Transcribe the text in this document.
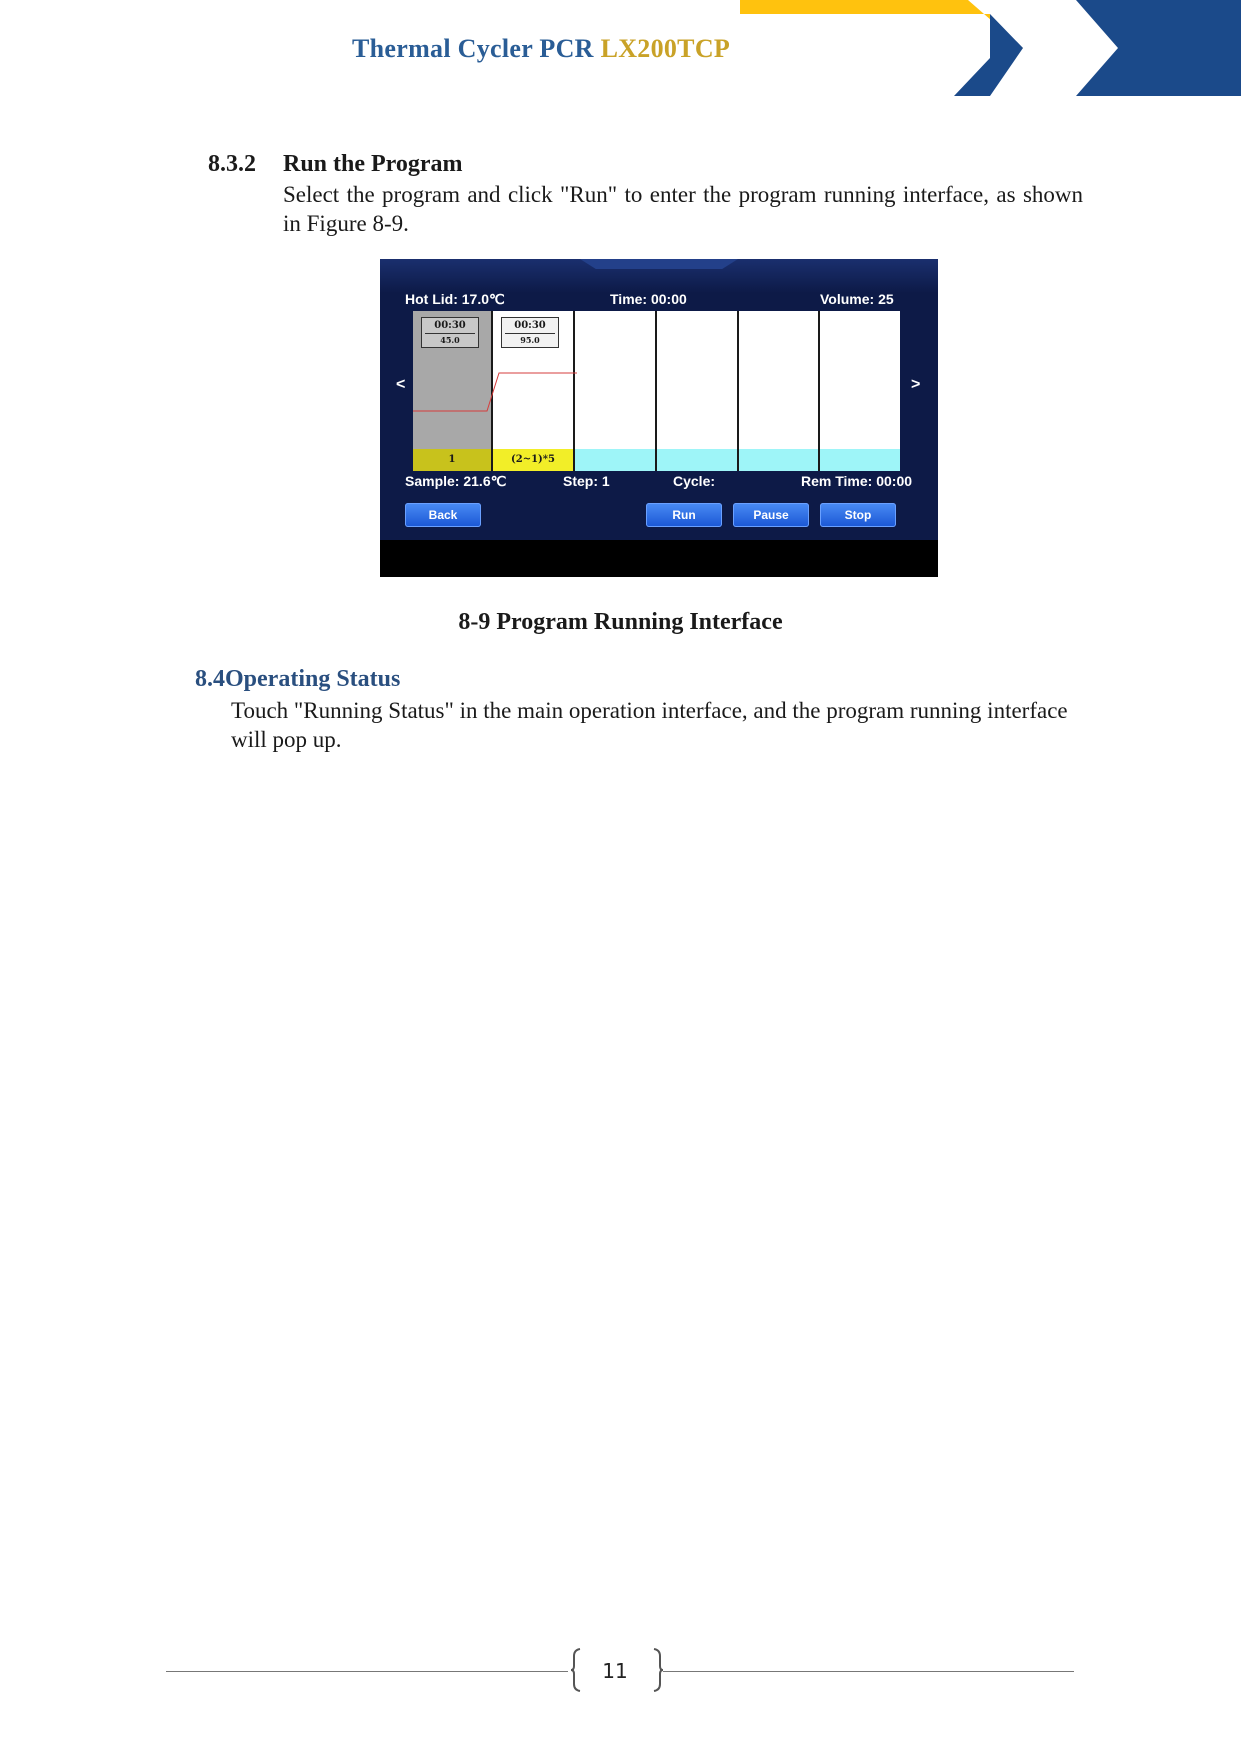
Thermal Cycler PCR LX200TCP
8.3.2 Run the Program
Select the program and click "Run" to enter the program running interface, as shown in Figure 8-9.
Hot Lid: 17.0℃	Time: 00:00	Volume: 25
<	>
00:30
45.0
1
00:30
95.0
(2~1)*5
Sample: 21.6℃	Step: 1	Cycle:	Rem Time: 00:00
Back	Run	Pause	Stop
8-9 Program Running Interface
8.4Operating Status
Touch "Running Status" in the main operation interface, and the program running interface will pop up.
11
